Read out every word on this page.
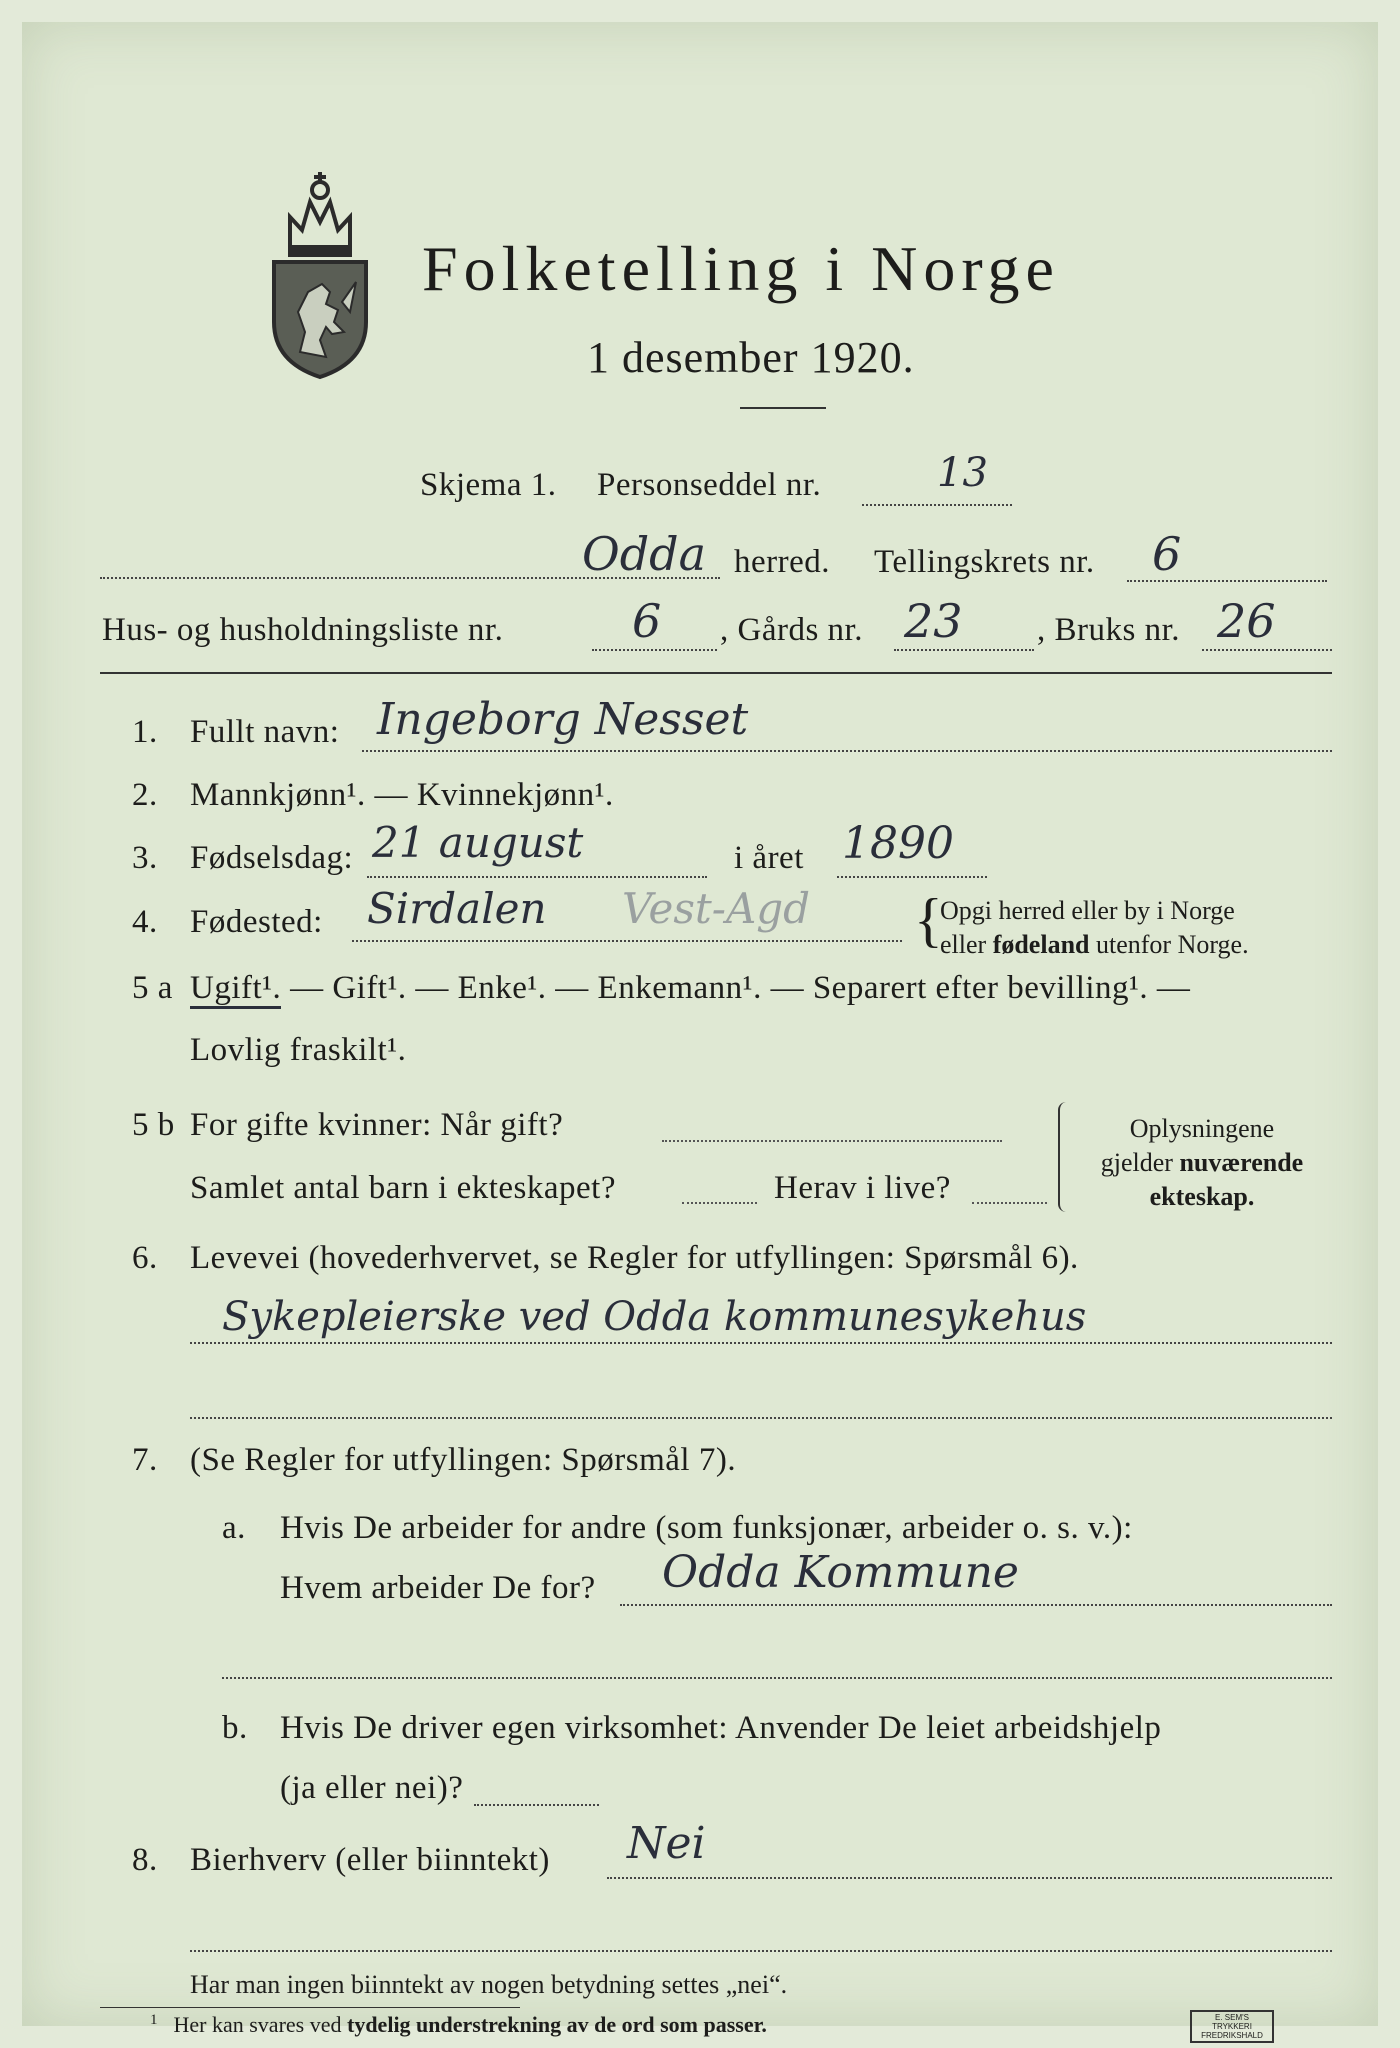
Folketelling i Norge
1 desember 1920.
Skjema 1. Personseddel nr.	13
Odda herred. Tellingskrets nr. 6
Hus- og husholdningsliste nr.	6 , Gårds nr. 23 , Bruks nr. 26
1. Fullt navn: Ingeborg Nesset
2. Mannkjønn¹. — Kvinnekjønn¹.
3. Fødselsdag: 21 august	i året 1890
4. Fødested: Sirdalen Vest-Agd {
Opgi herred eller by i Norge
eller fødeland utenfor Norge.
5 a Ugift¹. — Gift¹. — Enke¹. — Enkemann¹. — Separert efter bevilling¹. —
Lovlig fraskilt¹.
5 b For gifte kvinner: Når gift?
Samlet antal barn i ekteskapet?	Herav i live?
Oplysningene
gjelder nuværende
ekteskap.
6. Levevei (hovederhvervet, se Regler for utfyllingen: Spørsmål 6).
Sykepleierske ved Odda kommunesykehus
7. (Se Regler for utfyllingen: Spørsmål 7).
a. Hvis De arbeider for andre (som funksjonær, arbeider o. s. v.):
Hvem arbeider De for? Odda Kommune
b. Hvis De driver egen virksomhet: Anvender De leiet arbeidshjelp
(ja eller nei)?
8. Bierhverv (eller biinntekt) Nei
Har man ingen biinntekt av nogen betydning settes „nei“.
$^1$ Her kan svares ved tydelig understrekning av de ord som passer.	E. SEM'S TRYKKERI
FREDRIKSHALD
